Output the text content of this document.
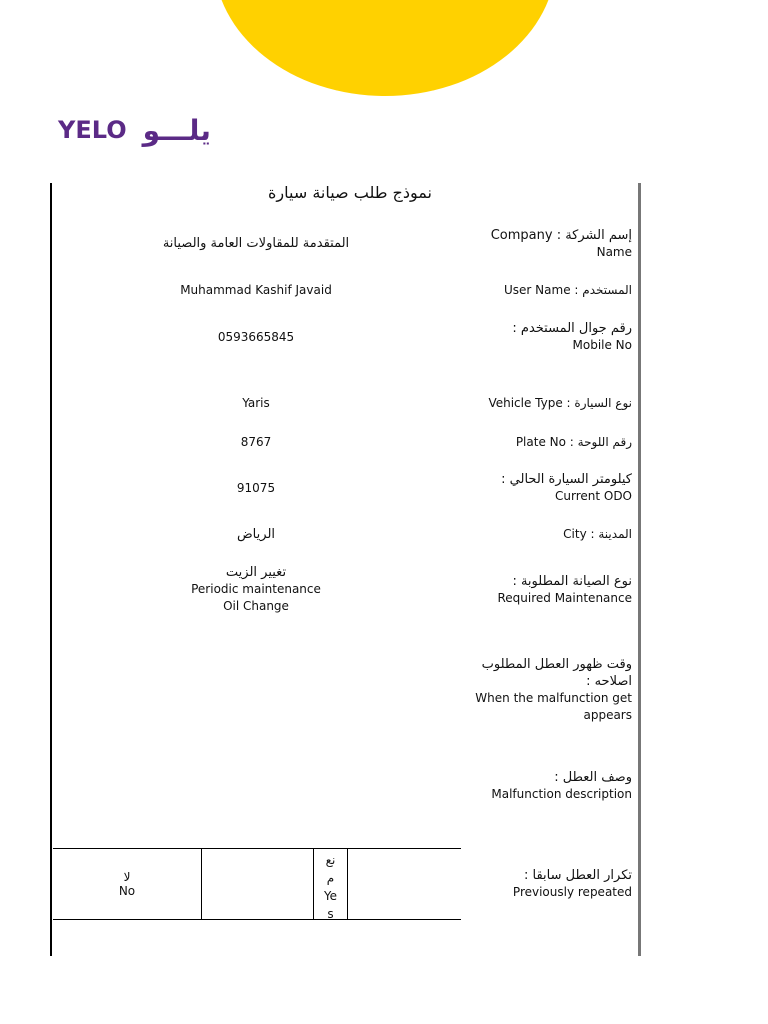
YELO يلـــو
نموذج طلب صيانة سيارة
إسم الشركة : Company
Name
المتقدمة للمقاولات العامة والصيانة
User Name : المستخدم
Muhammad Kashif Javaid
رقم جوال المستخدم :
Mobile No
0593665845
Vehicle Type : نوع السيارة
Yaris
Plate No : رقم اللوحة
8767
كيلومتر السيارة الحالي :
Current ODO
91075
City : المدينة
الرياض
نوع الصيانة المطلوبة :
Required Maintenance
تغيير الزيت
Periodic maintenance
Oil Change
وقت ظهور العطل المطلوب اصلاحه :
When the malfunction get appears
وصف العطل :
Malfunction description
تكرار العطل سابقا :
Previously repeated
لا
No
نع
م
Ye
s
